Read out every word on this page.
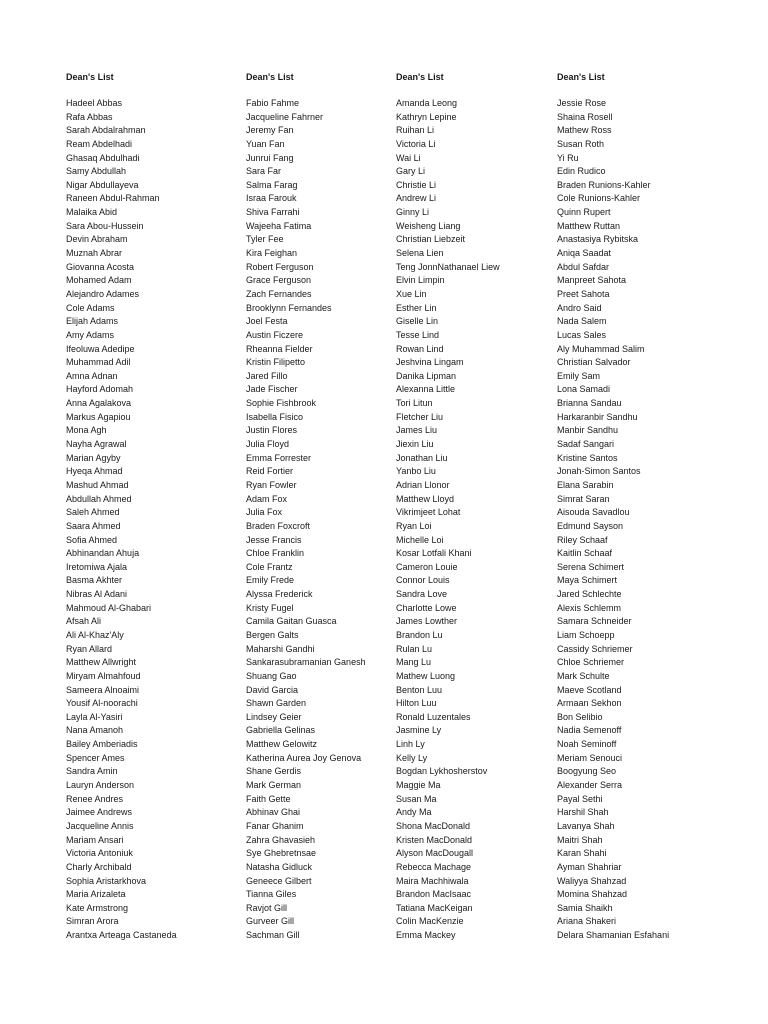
Dean's List
Hadeel Abbas
Rafa Abbas
Sarah Abdalrahman
Ream Abdelhadi
Ghasaq Abdulhadi
Samy Abdullah
Nigar Abdullayeva
Raneen Abdul-Rahman
Malaika Abid
Sara Abou-Hussein
Devin Abraham
Muznah Abrar
Giovanna Acosta
Mohamed Adam
Alejandro Adames
Cole Adams
Elijah Adams
Amy Adams
Ifeoluwa Adedipe
Muhammad Adil
Amna Adnan
Hayford Adomah
Anna Agalakova
Markus Agapiou
Mona Agh
Nayha Agrawal
Marian Agyby
Hyeqa Ahmad
Mashud Ahmad
Abdullah Ahmed
Saleh Ahmed
Saara Ahmed
Sofia Ahmed
Abhinandan Ahuja
Iretomiwa Ajala
Basma Akhter
Nibras Al Adani
Mahmoud Al-Ghabari
Afsah Ali
Ali Al-Khaz'Aly
Ryan Allard
Matthew Allwright
Miryam Almahfoud
Sameera Alnoaimi
Yousif Al-noorachi
Layla Al-Yasiri
Nana Amanoh
Bailey Amberiadis
Spencer Ames
Sandra Amin
Lauryn Anderson
Renee Andres
Jaimee Andrews
Jacqueline Annis
Mariam Ansari
Victoria Antoniuk
Charly Archibald
Sophia Aristarkhova
Maria Arizaleta
Kate Armstrong
Simran Arora
Arantxa Arteaga Castaneda
Dean's List
Fabio Fahme
Jacqueline Fahrner
Jeremy Fan
Yuan Fan
Junrui Fang
Sara Far
Salma Farag
Israa Farouk
Shiva Farrahi
Wajeeha Fatima
Tyler Fee
Kira Feighan
Robert Ferguson
Grace Ferguson
Zach Fernandes
Brooklynn Fernandes
Joel Festa
Austin Ficzere
Rheanna Fielder
Kristin Filipetto
Jared Fillo
Jade Fischer
Sophie Fishbrook
Isabella Fisico
Justin Flores
Julia Floyd
Emma Forrester
Reid Fortier
Ryan Fowler
Adam Fox
Julia Fox
Braden Foxcroft
Jesse Francis
Chloe Franklin
Cole Frantz
Emily Frede
Alyssa Frederick
Kristy Fugel
Camila Gaitan Guasca
Bergen Galts
Maharshi Gandhi
Sankarasubramanian Ganesh
Shuang Gao
David Garcia
Shawn Garden
Lindsey Geier
Gabriella Gelinas
Matthew Gelowitz
Katherina Aurea Joy Genova
Shane Gerdis
Mark German
Faith Gette
Abhinav Ghai
Fanar Ghanim
Zahra Ghavasieh
Sye Ghebretnsae
Natasha Gidluck
Geneece Gilbert
Tianna Giles
Ravjot Gill
Gurveer Gill
Sachman Gill
Dean's List
Amanda Leong
Kathryn Lepine
Ruihan Li
Victoria Li
Wai Li
Gary Li
Christie Li
Andrew Li
Ginny Li
Weisheng Liang
Christian Liebzeit
Selena Lien
Teng JonnNathanael Liew
Elvin Limpin
Xue Lin
Esther Lin
Giselle Lin
Tesse Lind
Rowan Lind
Jeshvina Lingam
Danika Lipman
Alexanna Little
Tori Litun
Fletcher Liu
James Liu
Jiexin Liu
Jonathan Liu
Yanbo Liu
Adrian Llonor
Matthew Lloyd
Vikrimjeet Lohat
Ryan Loi
Michelle Loi
Kosar Lotfali Khani
Cameron Louie
Connor Louis
Sandra Love
Charlotte Lowe
James Lowther
Brandon Lu
Rulan Lu
Mang Lu
Mathew Luong
Benton Luu
Hilton Luu
Ronald Luzentales
Jasmine Ly
Linh Ly
Kelly Ly
Bogdan Lykhosherstov
Maggie Ma
Susan Ma
Andy Ma
Shona MacDonald
Kristen MacDonald
Alyson MacDougall
Rebecca Machage
Maira Machhiwala
Brandon MacIsaac
Tatiana MacKeigan
Colin MacKenzie
Emma Mackey
Dean's List
Jessie Rose
Shaina Rosell
Mathew Ross
Susan Roth
Yi Ru
Edin Rudico
Braden Runions-Kahler
Cole Runions-Kahler
Quinn Rupert
Matthew Ruttan
Anastasiya Rybitska
Aniqa Saadat
Abdul Safdar
Manpreet Sahota
Preet Sahota
Andro Said
Nada Salem
Lucas Sales
Aly Muhammad Salim
Christian Salvador
Emily Sam
Lona Samadi
Brianna Sandau
Harkaranbir Sandhu
Manbir Sandhu
Sadaf Sangari
Kristine Santos
Jonah-Simon Santos
Elana Sarabin
Simrat Saran
Aisouda Savadlou
Edmund Sayson
Riley Schaaf
Kaitlin Schaaf
Serena Schimert
Maya Schimert
Jared Schlechte
Alexis Schlemm
Samara Schneider
Liam Schoepp
Cassidy Schriemer
Chloe Schriemer
Mark Schulte
Maeve Scotland
Armaan Sekhon
Bon Selibio
Nadia Semenoff
Noah Seminoff
Meriam Senouci
Boogyung Seo
Alexander Serra
Payal Sethi
Harshil Shah
Lavanya Shah
Maitri Shah
Karan Shahi
Ayman Shahriar
Waliyya Shahzad
Momina Shahzad
Samia Shaikh
Ariana Shakeri
Delara Shamanian Esfahani
